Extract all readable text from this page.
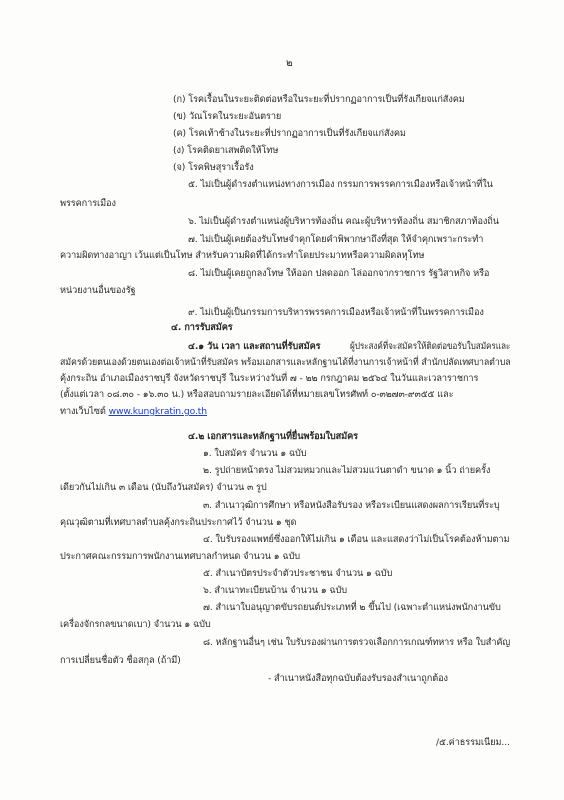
๒
(ก) โรคเรื้อนในระยะติดต่อหรือในระยะที่ปรากฏอาการเป็นที่รังเกียจแก่สังคม
(ข) วัณโรคในระยะอันตราย
(ค) โรคเท้าช้างในระยะที่ปรากฏอาการเป็นที่รังเกียจแก่สังคม
(ง) โรคติดยาเสพติดให้โทษ
(จ) โรคพิษสุราเรื้อรัง
๕. ไม่เป็นผู้ดำรงตำแหน่งทางการเมือง กรรมการพรรคการเมืองหรือเจ้าหน้าที่ใน
พรรคการเมือง
๖. ไม่เป็นผู้ดำรงตำแหน่งผู้บริหารท้องถิ่น คณะผู้บริหารท้องถิ่น สมาชิกสภาท้องถิ่น
๗. ไม่เป็นผู้เคยต้องรับโทษจำคุกโดยคำพิพากษาถึงที่สุด ให้จำคุกเพราะกระทำ
ความผิดทางอาญา เว้นแต่เป็นโทษ สำหรับความผิดที่ได้กระทำโดยประมาทหรือความผิดลหุโทษ
๘. ไม่เป็นผู้เคยถูกลงโทษ ให้ออก ปลดออก ไล่ออกจากราชการ รัฐวิสาหกิจ หรือ
หน่วยงานอื่นของรัฐ
๙. ไม่เป็นผู้เป็นกรรมการบริหารพรรคการเมืองหรือเจ้าหน้าที่ในพรรคการเมือง
๔. การรับสมัคร
๔.๑ วัน เวลา และสถานที่รับสมัคร	ผู้ประสงค์ที่จะสมัครให้ติดต่อขอรับใบสมัครและ
สมัครด้วยตนเองด้วยตนเองต่อเจ้าหน้าที่รับสมัคร พร้อมเอกสารและหลักฐานได้ที่งานการเจ้าหน้าที่ สำนักปลัดเทศบาลตำบล
คุ้งกระถิน อำเภอเมืองราชบุรี จังหวัดราชบุรี ในระหว่างวันที่ ๗ - ๒๒ กรกฎาคม ๒๕๖๔ ในวันและเวลาราชการ
(ตั้งแต่เวลา ๐๘.๓๐ - ๑๖.๓๐ น.) หรือสอบถามรายละเอียดได้ที่หมายเลขโทรศัพท์ ๐-๓๒๗๓-๙๓๕๕ และ
ทางเว็บไซต์ www.kungkratin.go.th
๔.๒ เอกสารและหลักฐานที่ยื่นพร้อมใบสมัคร
๑. ใบสมัคร จำนวน ๑ ฉบับ
๒. รูปถ่ายหน้าตรง ไม่สวมหมวกและไม่สวมแว่นตาดำ ขนาด ๑ นิ้ว ถ่ายครั้ง
เดียวกันไม่เกิน ๓ เดือน (นับถึงวันสมัคร) จำนวน ๓ รูป
๓. สำเนาวุฒิการศึกษา หรือหนังสือรับรอง หรือระเบียนแสดงผลการเรียนที่ระบุ
คุณวุฒิตามที่เทศบาลตำบลคุ้งกระถินประกาศไว้ จำนวน ๑ ชุด
๔. ใบรับรองแพทย์ซึ่งออกให้ไม่เกิน ๑ เดือน และแสดงว่าไม่เป็นโรคต้องห้ามตาม
ประกาศคณะกรรมการพนักงานเทศบาลกำหนด จำนวน ๑ ฉบับ
๕. สำเนาบัตรประจำตัวประชาชน จำนวน ๑ ฉบับ
๖. สำเนาทะเบียนบ้าน จำนวน ๑ ฉบับ
๗. สำเนาใบอนุญาตขับรถยนต์ประเภทที่ ๒ ขึ้นไป (เฉพาะตำแหน่งพนักงานขับ
เครื่องจักรกลขนาดเบา) จำนวน ๑ ฉบับ
๘. หลักฐานอื่นๆ เช่น ใบรับรองผ่านการตรวจเลือกการเกณฑ์ทหาร หรือ ใบสำคัญ
การเปลี่ยนชื่อตัว ชื่อสกุล (ถ้ามี)
- สำเนาหนังสือทุกฉบับต้องรับรองสำเนาถูกต้อง
/๕.ค่าธรรมเนียม...
